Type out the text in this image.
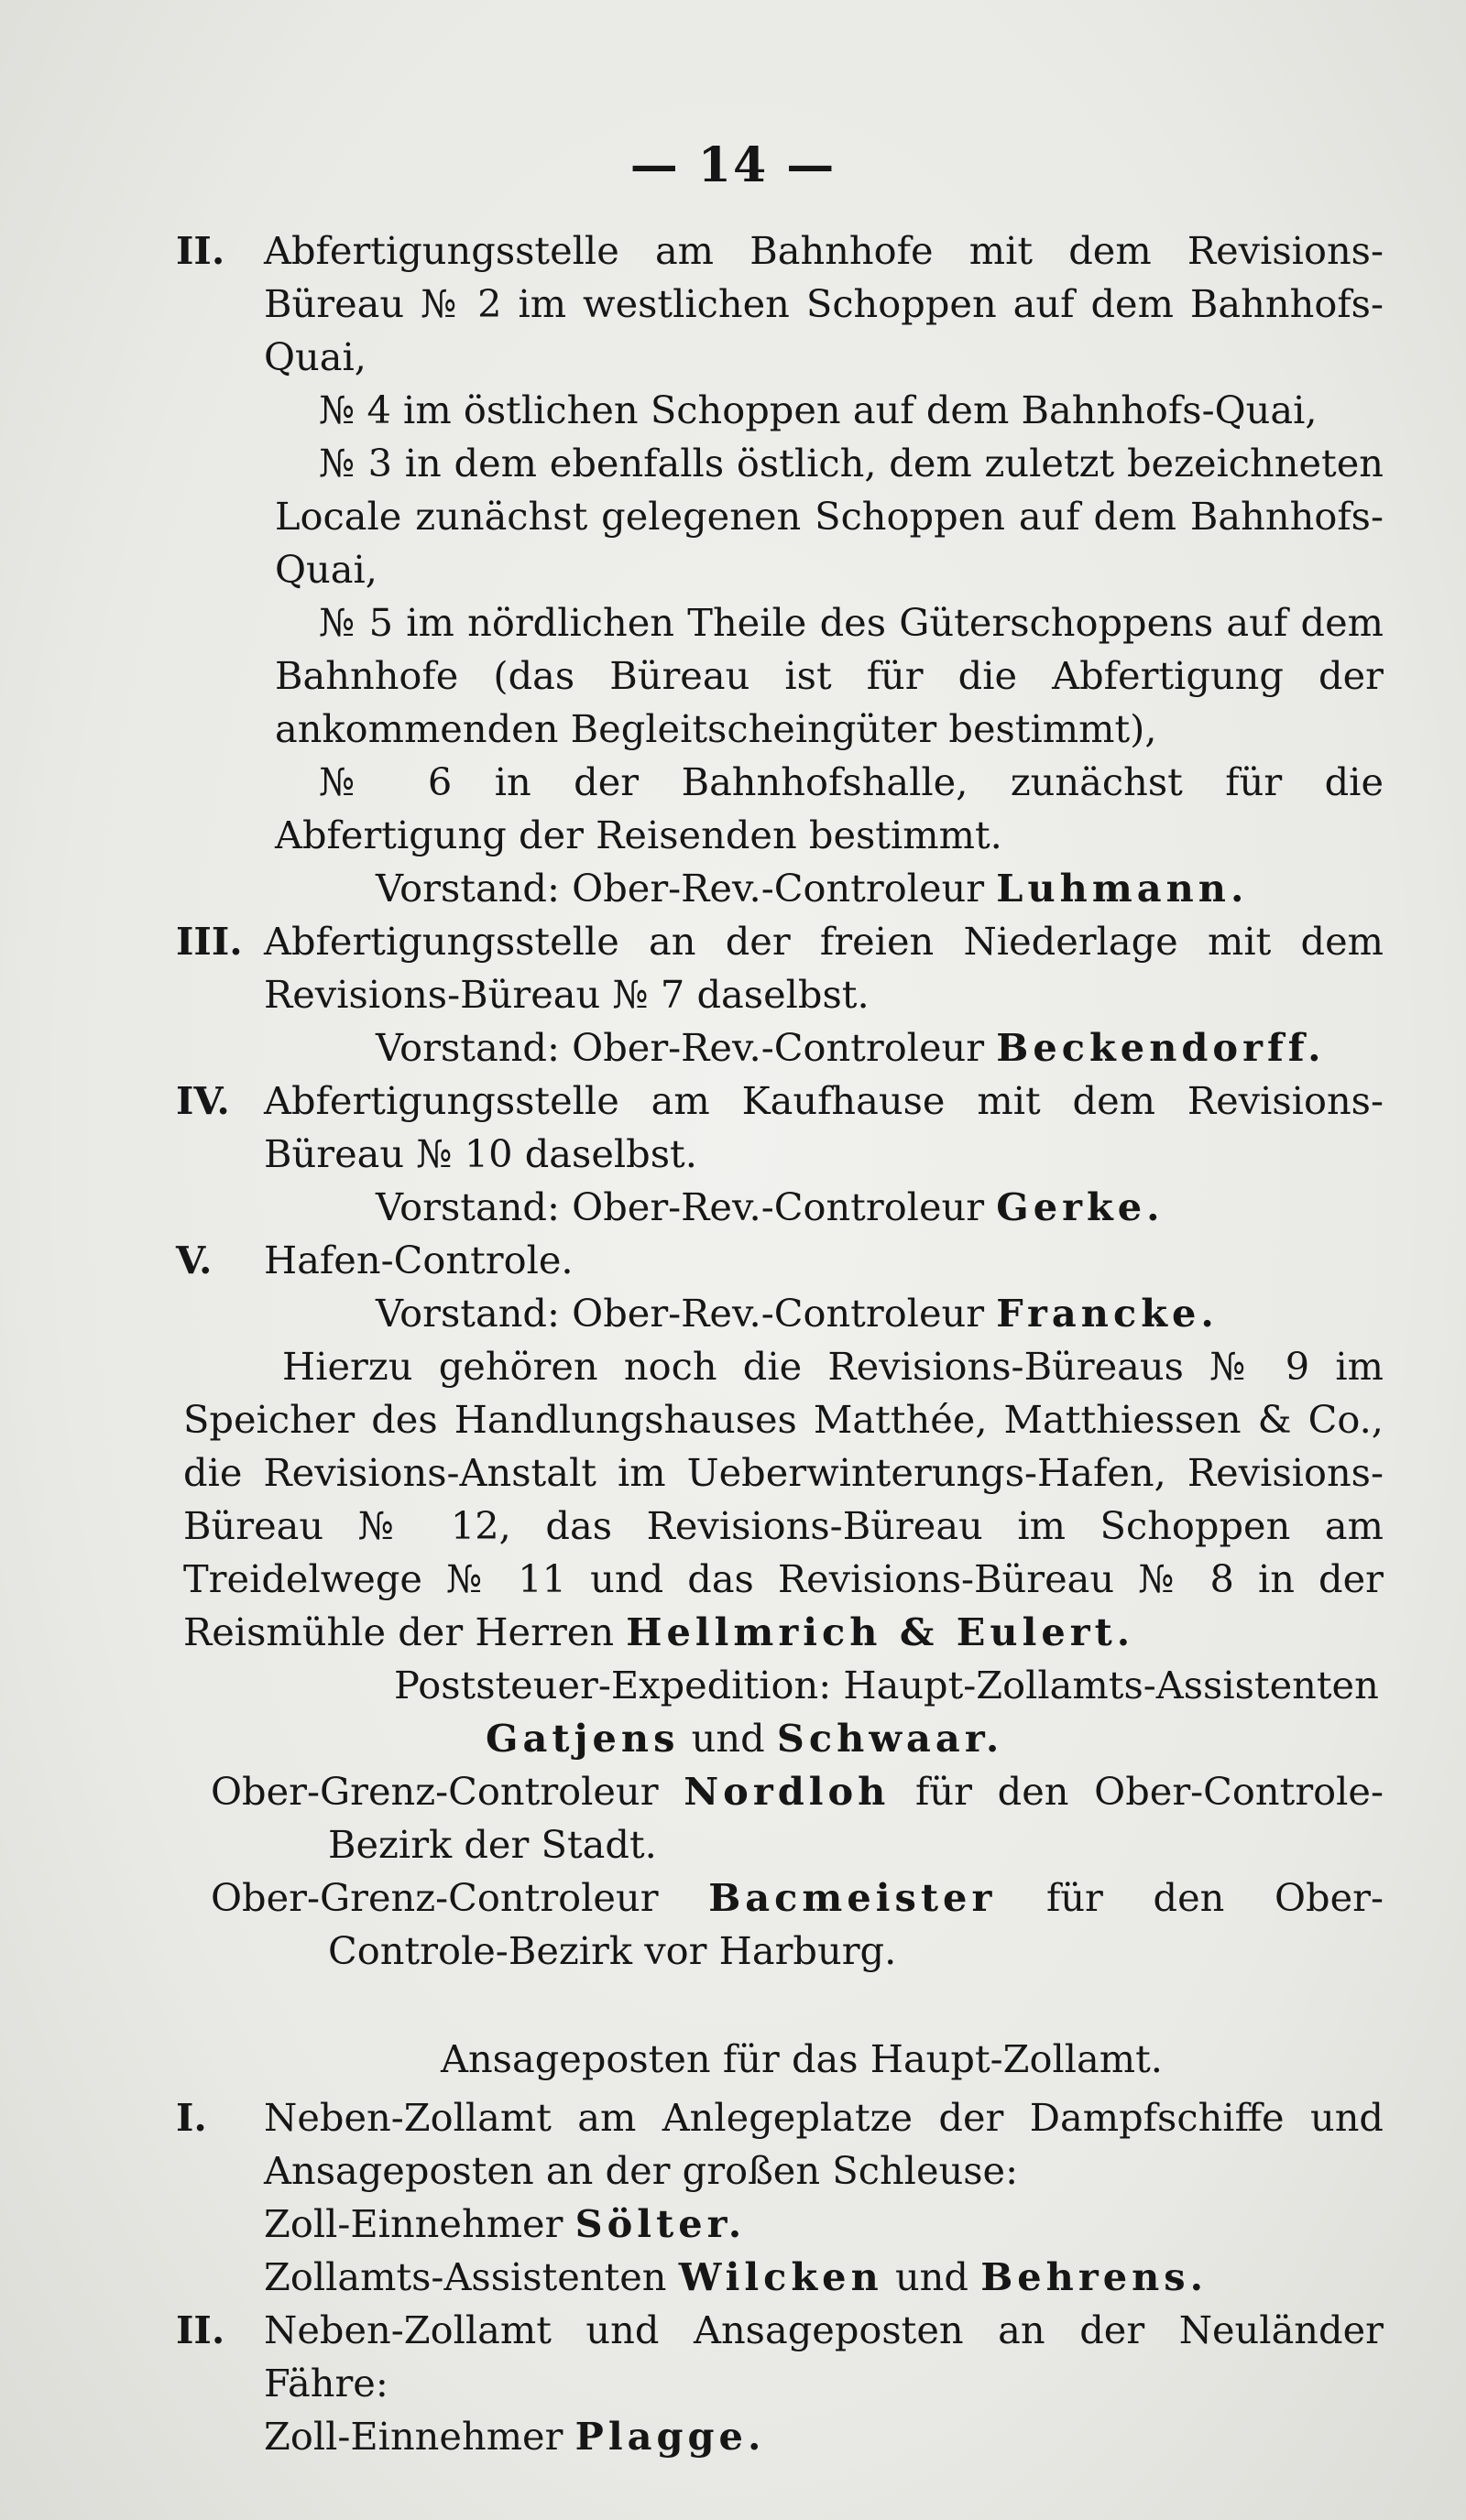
— 14 —
II. Abfertigungsstelle am Bahnhofe mit dem Revisions-Büreau № 2 im westlichen Schoppen auf dem Bahnhofs-Quai,
№ 4 im östlichen Schoppen auf dem Bahnhofs-Quai,
№ 3 in dem ebenfalls östlich, dem zuletzt bezeichneten Locale zunächst gelegenen Schoppen auf dem Bahnhofs-Quai,
№ 5 im nördlichen Theile des Güterschoppens auf dem Bahnhofe (das Büreau ist für die Abfertigung der ankommenden Begleitscheingüter bestimmt),
№ 6 in der Bahnhofshalle, zunächst für die Abfertigung der Reisenden bestimmt.
Vorstand: Ober-Rev.-Controleur Luhmann.
III. Abfertigungsstelle an der freien Niederlage mit dem Revisions-Büreau № 7 daselbst.
Vorstand: Ober-Rev.-Controleur Beckendorff.
IV. Abfertigungsstelle am Kaufhause mit dem Revisions-Büreau № 10 daselbst.
Vorstand: Ober-Rev.-Controleur Gerke.
V. Hafen-Controle.
Vorstand: Ober-Rev.-Controleur Francke.
Hierzu gehören noch die Revisions-Büreaus № 9 im Speicher des Handlungshauses Matthée, Matthiessen & Co., die Revisions-Anstalt im Ueberwinterungs-Hafen, Revisions-Büreau № 12, das Revisions-Büreau im Schoppen am Treidelwege № 11 und das Revisions-Büreau № 8 in der Reismühle der Herren Hellmrich & Eulert.
Poststeuer-Expedition: Haupt-Zollamts-Assistenten
Gatjens und Schwaar.
Ober-Grenz-Controleur Nordloh für den Ober-Controle-Bezirk der Stadt.
Ober-Grenz-Controleur Bacmeister für den Ober-Controle-Bezirk vor Harburg.
Ansageposten für das Haupt-Zollamt.
I. Neben-Zollamt am Anlegeplatze der Dampfschiffe und Ansageposten an der großen Schleuse:
Zoll-Einnehmer Sölter.
Zollamts-Assistenten Wilcken und Behrens.
II. Neben-Zollamt und Ansageposten an der Neuländer Fähre:
Zoll-Einnehmer Plagge.
